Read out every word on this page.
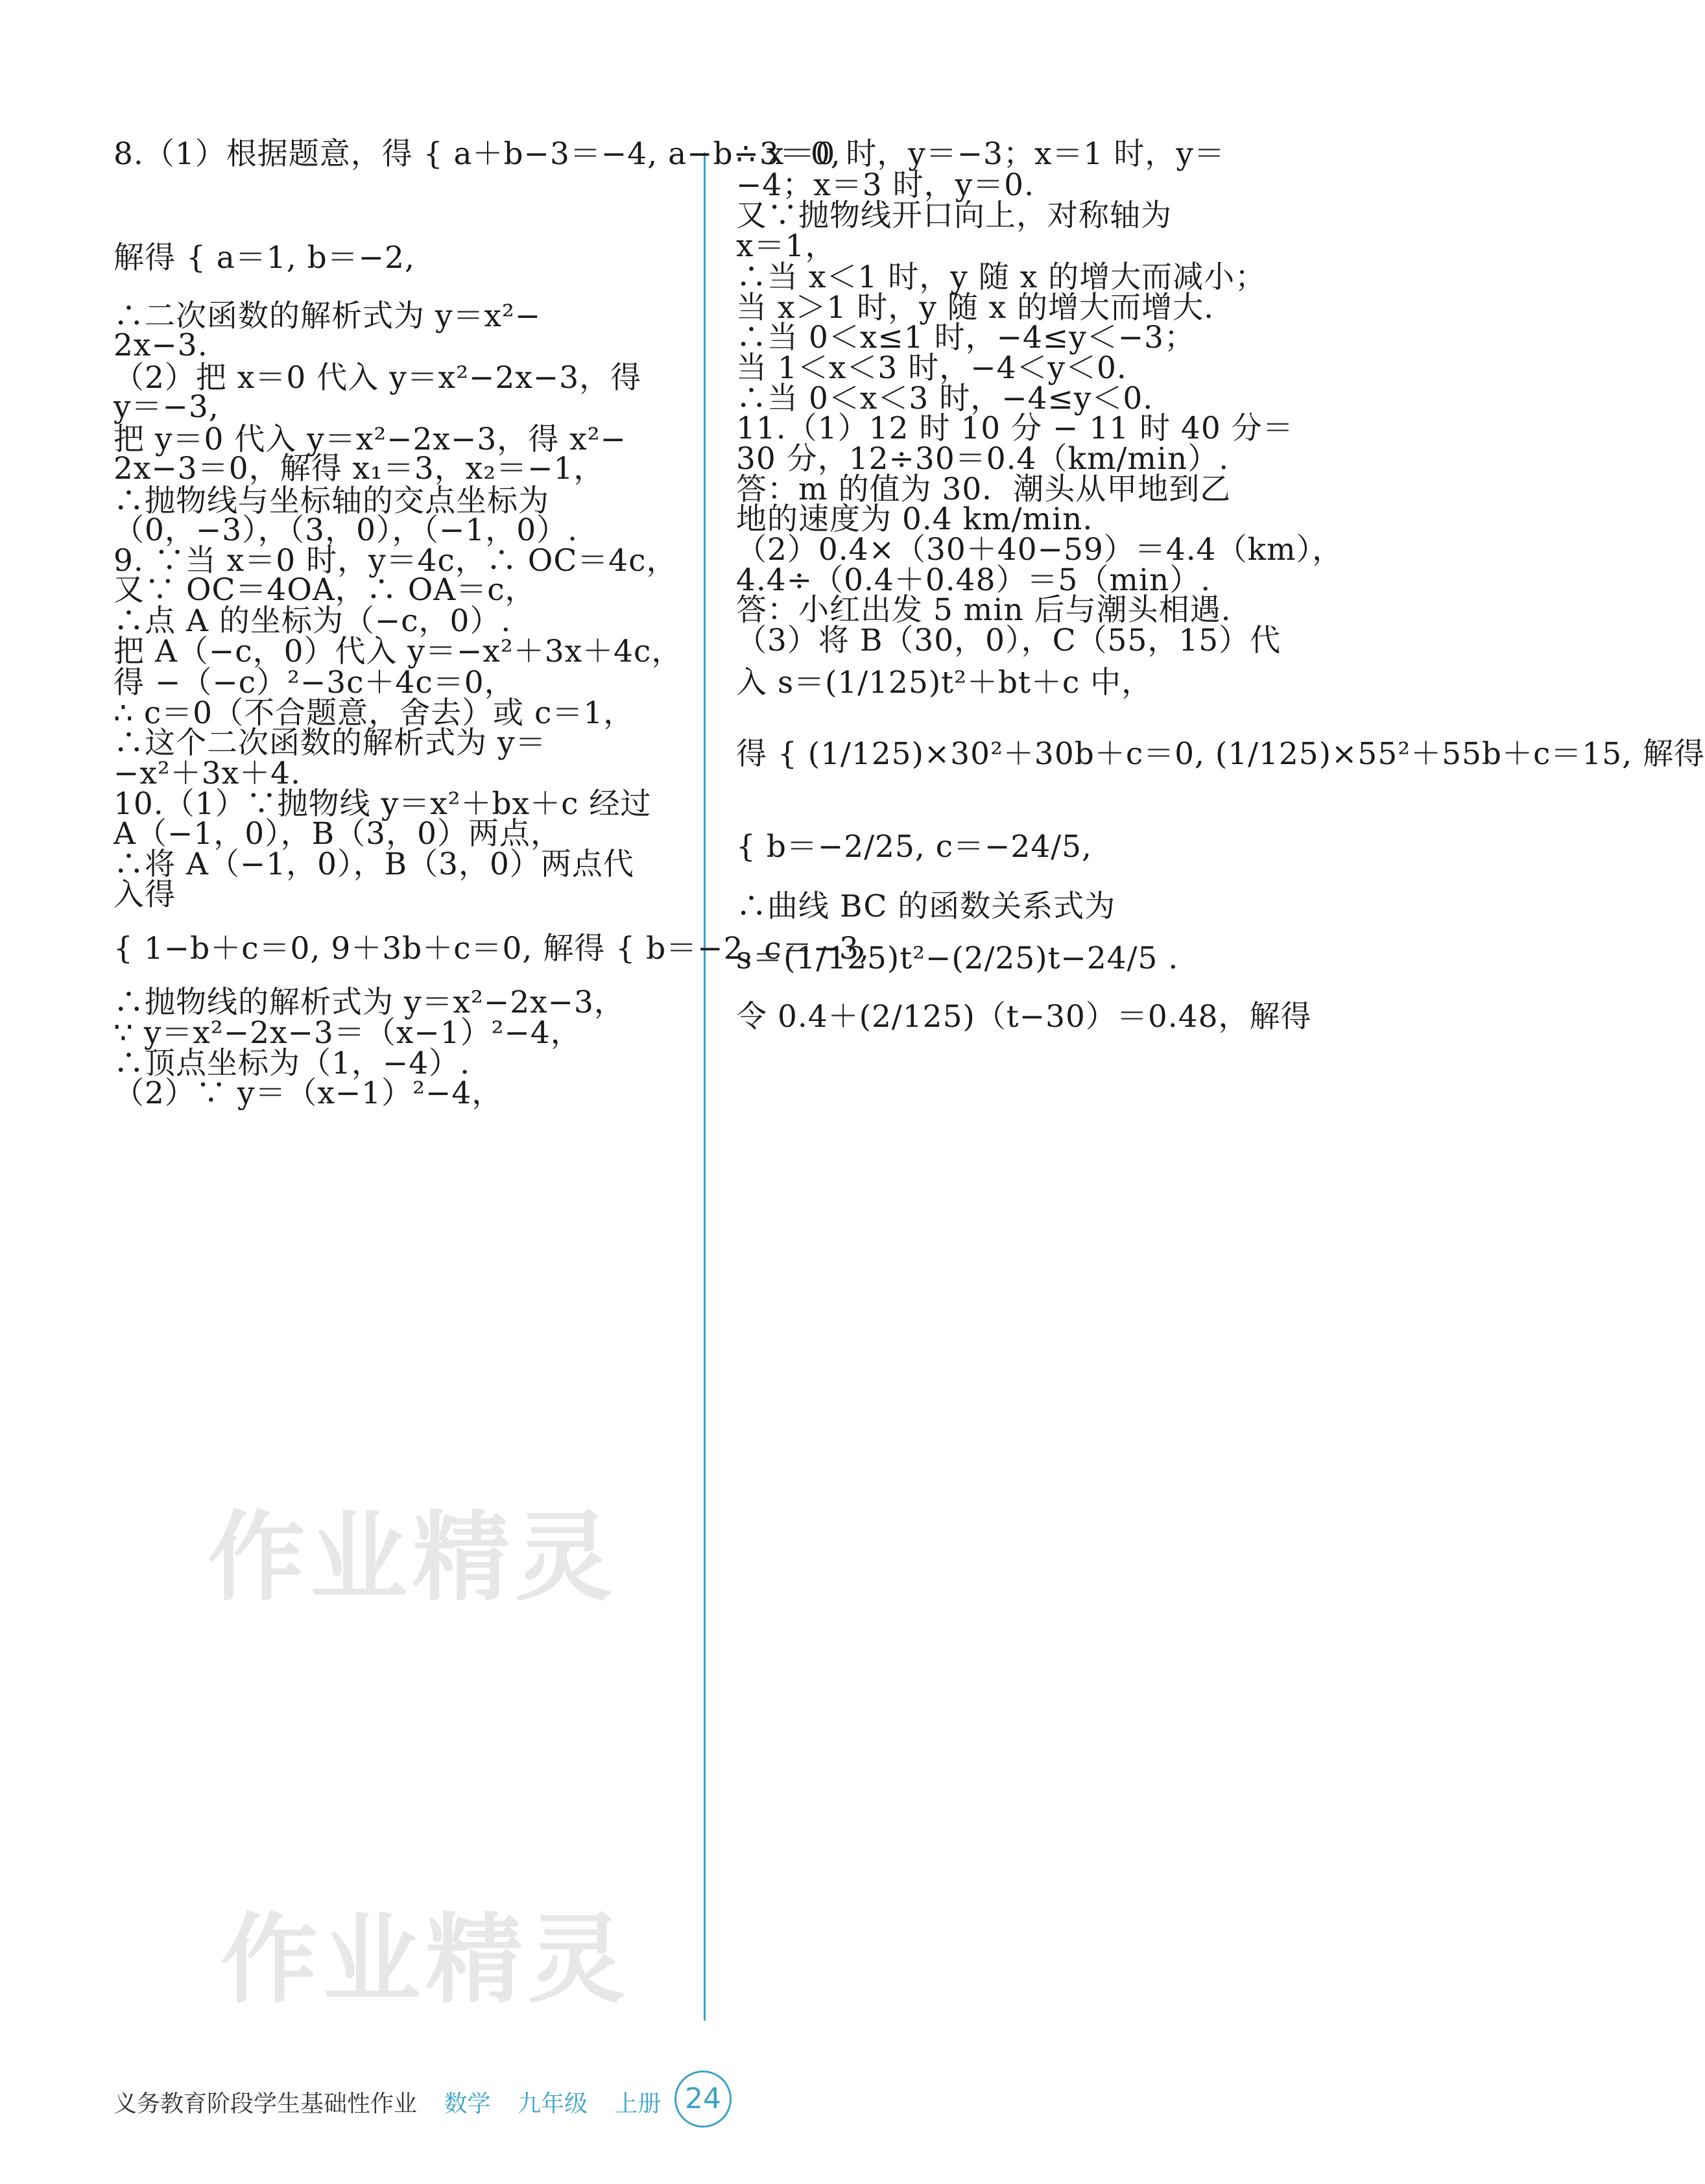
8.（1）根据题意，得 { a＋b−3＝−4, a−b−3＝0,
解得 { a＝1, b＝−2,
∴二次函数的解析式为 y＝x²−
2x−3.
（2）把 x＝0 代入 y＝x²−2x−3，得
y＝−3,
把 y＝0 代入 y＝x²−2x−3，得 x²−
2x−3＝0，解得 x₁＝3，x₂＝−1，
∴抛物线与坐标轴的交点坐标为
（0，−3），（3，0），（−1，0）.
9. ∵当 x＝0 时，y＝4c，∴ OC＝4c，
又∵ OC＝4OA，∴ OA＝c，
∴点 A 的坐标为（−c，0）.
把 A（−c，0）代入 y＝−x²＋3x＋4c，
得 −（−c）²−3c＋4c＝0，
∴ c＝0（不合题意，舍去）或 c＝1，
∴这个二次函数的解析式为 y＝
−x²＋3x＋4.
10.（1）∵抛物线 y＝x²＋bx＋c 经过
A（−1，0），B（3，0）两点，
∴将 A（−1，0），B（3，0）两点代
入得
{ 1−b＋c＝0, 9＋3b＋c＝0, 解得 { b＝−2, c＝−3,
∴抛物线的解析式为 y＝x²−2x−3，
∵ y＝x²−2x−3＝（x−1）²−4，
∴顶点坐标为（1，−4）.
（2）∵ y＝（x−1）²−4，
∴ x＝0 时，y＝−3；x＝1 时，y＝
−4；x＝3 时，y＝0.
又∵抛物线开口向上，对称轴为
x＝1，
∴当 x＜1 时，y 随 x 的增大而减小；
当 x＞1 时，y 随 x 的增大而增大.
∴当 0＜x≤1 时，−4≤y＜−3；
当 1＜x＜3 时，−4＜y＜0.
∴当 0＜x＜3 时，−4≤y＜0.
11.（1）12 时 10 分 − 11 时 40 分＝
30 分，12÷30＝0.4（km/min）.
答：m 的值为 30．潮头从甲地到乙
地的速度为 0.4 km/min.
（2）0.4×（30＋40−59）＝4.4（km），
4.4÷（0.4＋0.48）＝5（min）.
答：小红出发 5 min 后与潮头相遇.
（3）将 B（30，0），C（55，15）代
入 s＝(1/125)t²＋bt＋c 中，
得 { (1/125)×30²＋30b＋c＝0, (1/125)×55²＋55b＋c＝15, 解得
{ b＝−2/25, c＝−24/5,
∴曲线 BC 的函数关系式为
s＝(1/125)t²−(2/25)t−24/5 .
令 0.4＋(2/125)（t−30）＝0.48，解得
作业精灵
作业精灵
义务教育阶段学生基础性作业 数学 九年级 上册 24
